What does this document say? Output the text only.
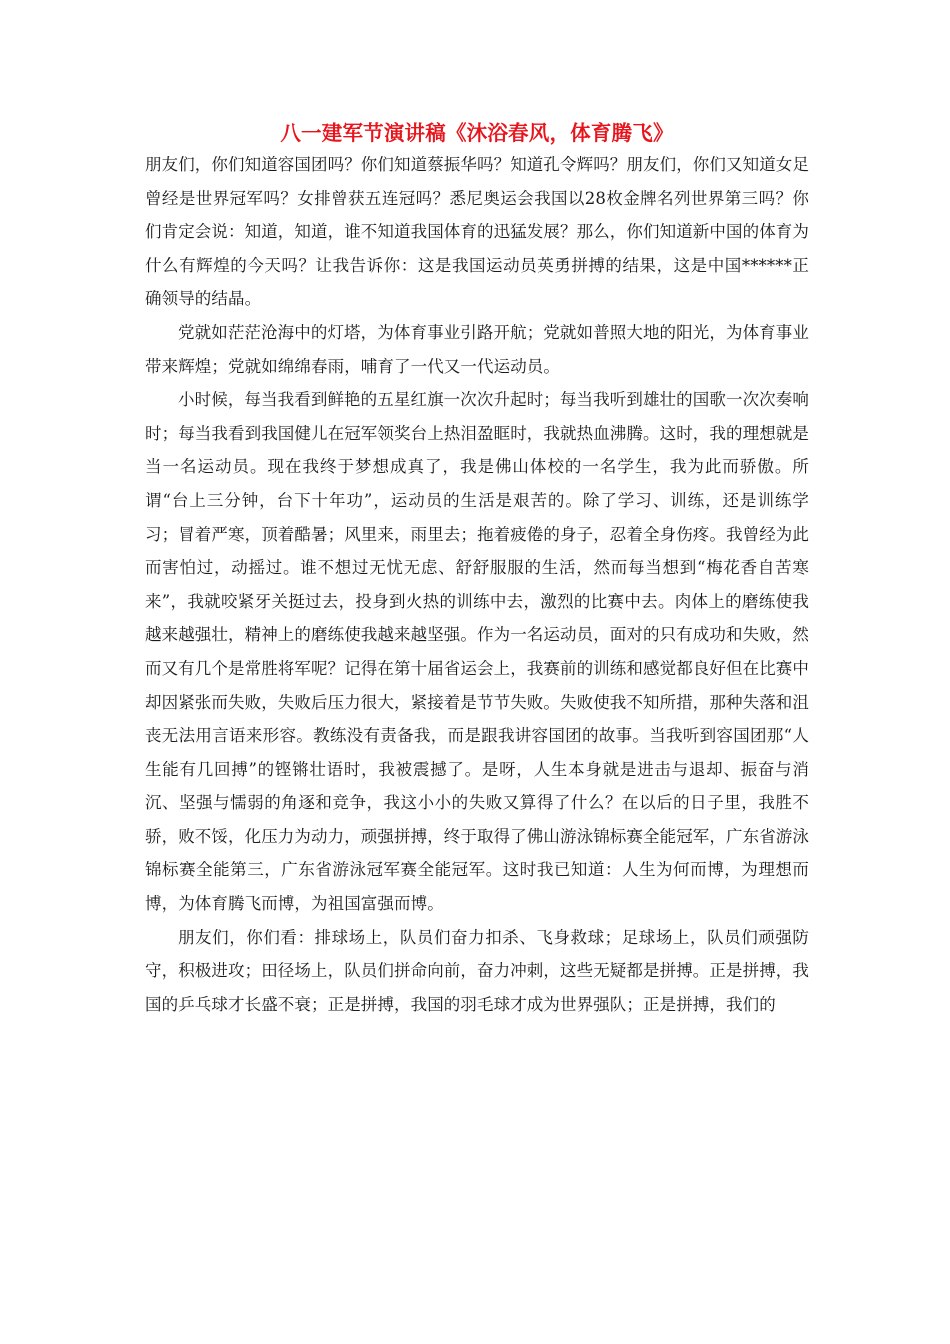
八一建军节演讲稿《沐浴春风，体育腾飞》

朋友们，你们知道容国团吗？你们知道蔡振华吗？知道孔令辉吗？朋友们，你们又知道女足曾经是世界冠军吗？女排曾获五连冠吗？悉尼奥运会我国以28枚金牌名列世界第三吗？你们肯定会说：知道，知道，谁不知道我国体育的迅猛发展？那么，你们知道新中国的体育为什么有辉煌的今天吗？让我告诉你：这是我国运动员英勇拼搏的结果，这是中国******正确领导的结晶。

党就如茫茫沧海中的灯塔，为体育事业引路开航；党就如普照大地的阳光，为体育事业带来辉煌；党就如绵绵春雨，哺育了一代又一代运动员。

小时候，每当我看到鲜艳的五星红旗一次次升起时；每当我听到雄壮的国歌一次次奏响时；每当我看到我国健儿在冠军领奖台上热泪盈眶时，我就热血沸腾。这时，我的理想就是当一名运动员。现在我终于梦想成真了，我是佛山体校的一名学生，我为此而骄傲。所谓“台上三分钟，台下十年功”，运动员的生活是艰苦的。除了学习、训练，还是训练学习；冒着严寒，顶着酷暑；风里来，雨里去；拖着疲倦的身子，忍着全身伤疼。我曾经为此而害怕过，动摇过。谁不想过无忧无虑、舒舒服服的生活，然而每当想到“梅花香自苦寒来”，我就咬紧牙关挺过去，投身到火热的训练中去，激烈的比赛中去。肉体上的磨练使我越来越强壮，精神上的磨练使我越来越坚强。作为一名运动员，面对的只有成功和失败，然而又有几个是常胜将军呢？记得在第十届省运会上，我赛前的训练和感觉都良好但在比赛中却因紧张而失败，失败后压力很大，紧接着是节节失败。失败使我不知所措，那种失落和沮丧无法用言语来形容。教练没有责备我，而是跟我讲容国团的故事。当我听到容国团那“人生能有几回搏”的铿锵壮语时，我被震撼了。是呀，人生本身就是进击与退却、振奋与消沉、坚强与懦弱的角逐和竞争，我这小小的失败又算得了什么？在以后的日子里，我胜不骄，败不馁，化压力为动力，顽强拼搏，终于取得了佛山游泳锦标赛全能冠军，广东省游泳锦标赛全能第三，广东省游泳冠军赛全能冠军。这时我已知道：人生为何而博，为理想而博，为体育腾飞而博，为祖国富强而博。

朋友们，你们看：排球场上，队员们奋力扣杀、飞身救球；足球场上，队员们顽强防守，积极进攻；田径场上，队员们拼命向前，奋力冲刺，这些无疑都是拼搏。正是拼搏，我国的乒乓球才长盛不衰；正是拼搏，我国的羽毛球才成为世界强队；正是拼搏，我们的
